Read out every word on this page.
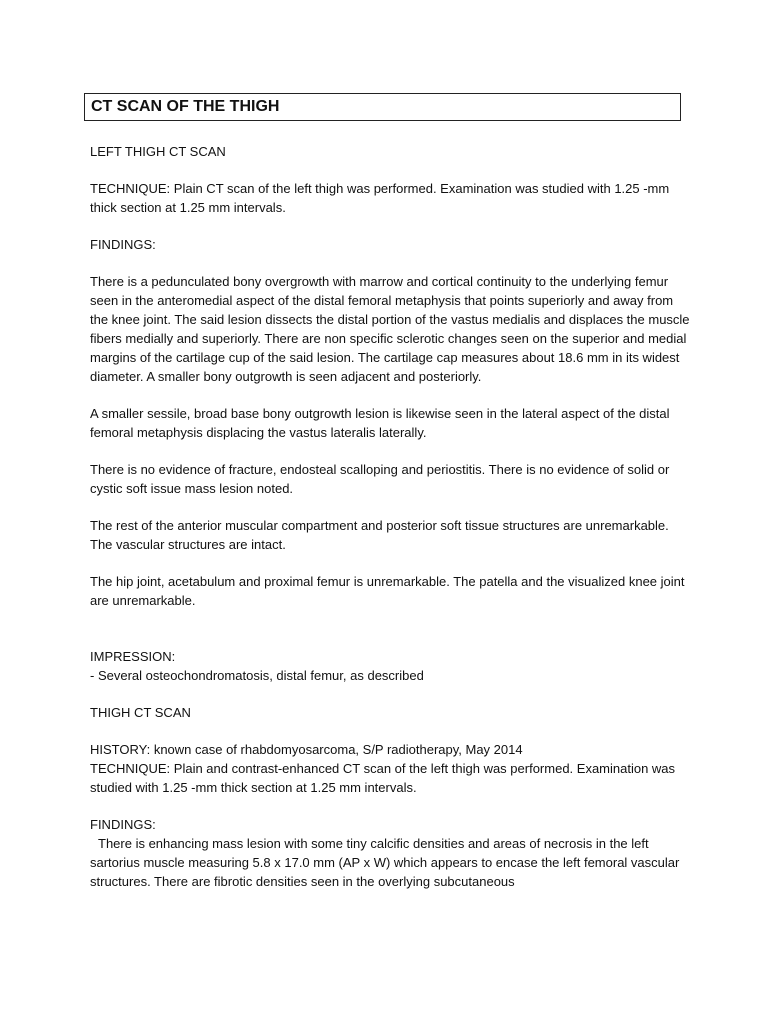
CT SCAN OF THE THIGH

LEFT THIGH CT SCAN

TECHNIQUE: Plain CT scan of the left thigh was performed. Examination was studied with 1.25 -mm thick section at 1.25 mm intervals.

FINDINGS:

There is a pedunculated bony overgrowth with marrow and cortical continuity to the underlying femur seen in the anteromedial aspect of the distal femoral metaphysis that points superiorly and away from the knee joint. The said lesion dissects the distal portion of the vastus medialis and displaces the muscle fibers medially and superiorly. There are non specific sclerotic changes seen on the superior and medial margins of the cartilage cup of the said lesion. The cartilage cap measures about 18.6 mm in its widest diameter. A smaller bony outgrowth is seen adjacent and posteriorly.

A smaller sessile, broad base bony outgrowth lesion is likewise seen in the lateral aspect of the distal femoral metaphysis displacing the vastus lateralis laterally.

There is no evidence of fracture, endosteal scalloping and periostitis. There is no evidence of solid or cystic soft issue mass lesion noted.

The rest of the anterior muscular compartment and posterior soft tissue structures are unremarkable. The vascular structures are intact.

The hip joint, acetabulum and proximal femur is unremarkable. The patella and the visualized knee joint are unremarkable.

IMPRESSION:

- Several osteochondromatosis, distal femur, as described

THIGH CT SCAN

HISTORY: known case of rhabdomyosarcoma, S/P radiotherapy, May 2014

TECHNIQUE: Plain and contrast-enhanced CT scan of the left thigh was performed. Examination was studied with 1.25 -mm thick section at 1.25 mm intervals.

FINDINGS:

There is enhancing mass lesion with some tiny calcific densities and areas of necrosis in the left sartorius muscle measuring 5.8 x 17.0 mm (AP x W) which appears to encase the left femoral vascular structures. There are fibrotic densities seen in the overlying subcutaneous
